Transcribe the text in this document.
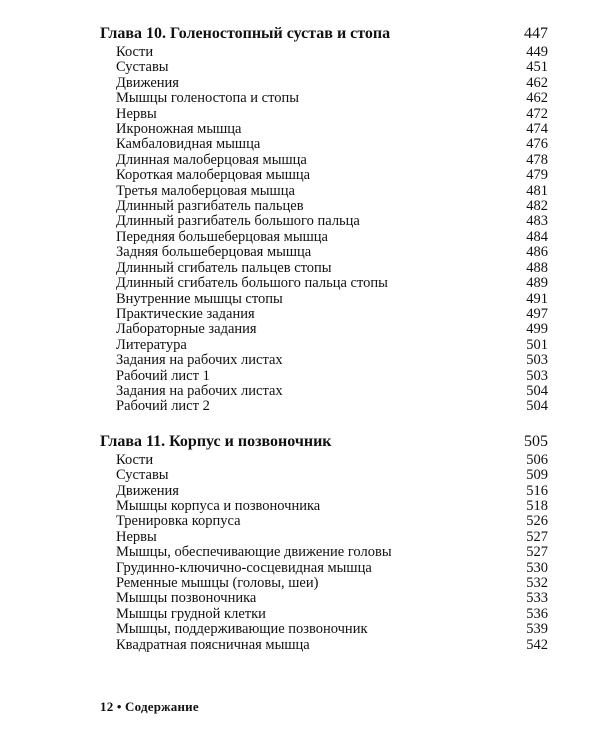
Глава 10. Голеностопный сустав и стопа	447
Кости	449
Суставы	451
Движения	462
Мышцы голеностопа и стопы	462
Нервы	472
Икроножная мышца	474
Камбаловидная мышца	476
Длинная малоберцовая мышца	478
Короткая малоберцовая мышца	479
Третья малоберцовая мышца	481
Длинный разгибатель пальцев	482
Длинный разгибатель большого пальца	483
Передняя большеберцовая мышца	484
Задняя большеберцовая мышца	486
Длинный сгибатель пальцев стопы	488
Длинный сгибатель большого пальца стопы	489
Внутренние мышцы стопы	491
Практические задания	497
Лабораторные задания	499
Литература	501
Задания на рабочих листах	503
Рабочий лист 1	503
Задания на рабочих листах	504
Рабочий лист 2	504
Глава 11. Корпус и позвоночник	505
Кости	506
Суставы	509
Движения	516
Мышцы корпуса и позвоночника	518
Тренировка корпуса	526
Нервы	527
Мышцы, обеспечивающие движение головы	527
Грудинно-ключично-сосцевидная мышца	530
Ременные мышцы (головы, шеи)	532
Мышцы позвоночника	533
Мышцы грудной клетки	536
Мышцы, поддерживающие позвоночник	539
Квадратная поясничная мышца	542
12 • Содержание
